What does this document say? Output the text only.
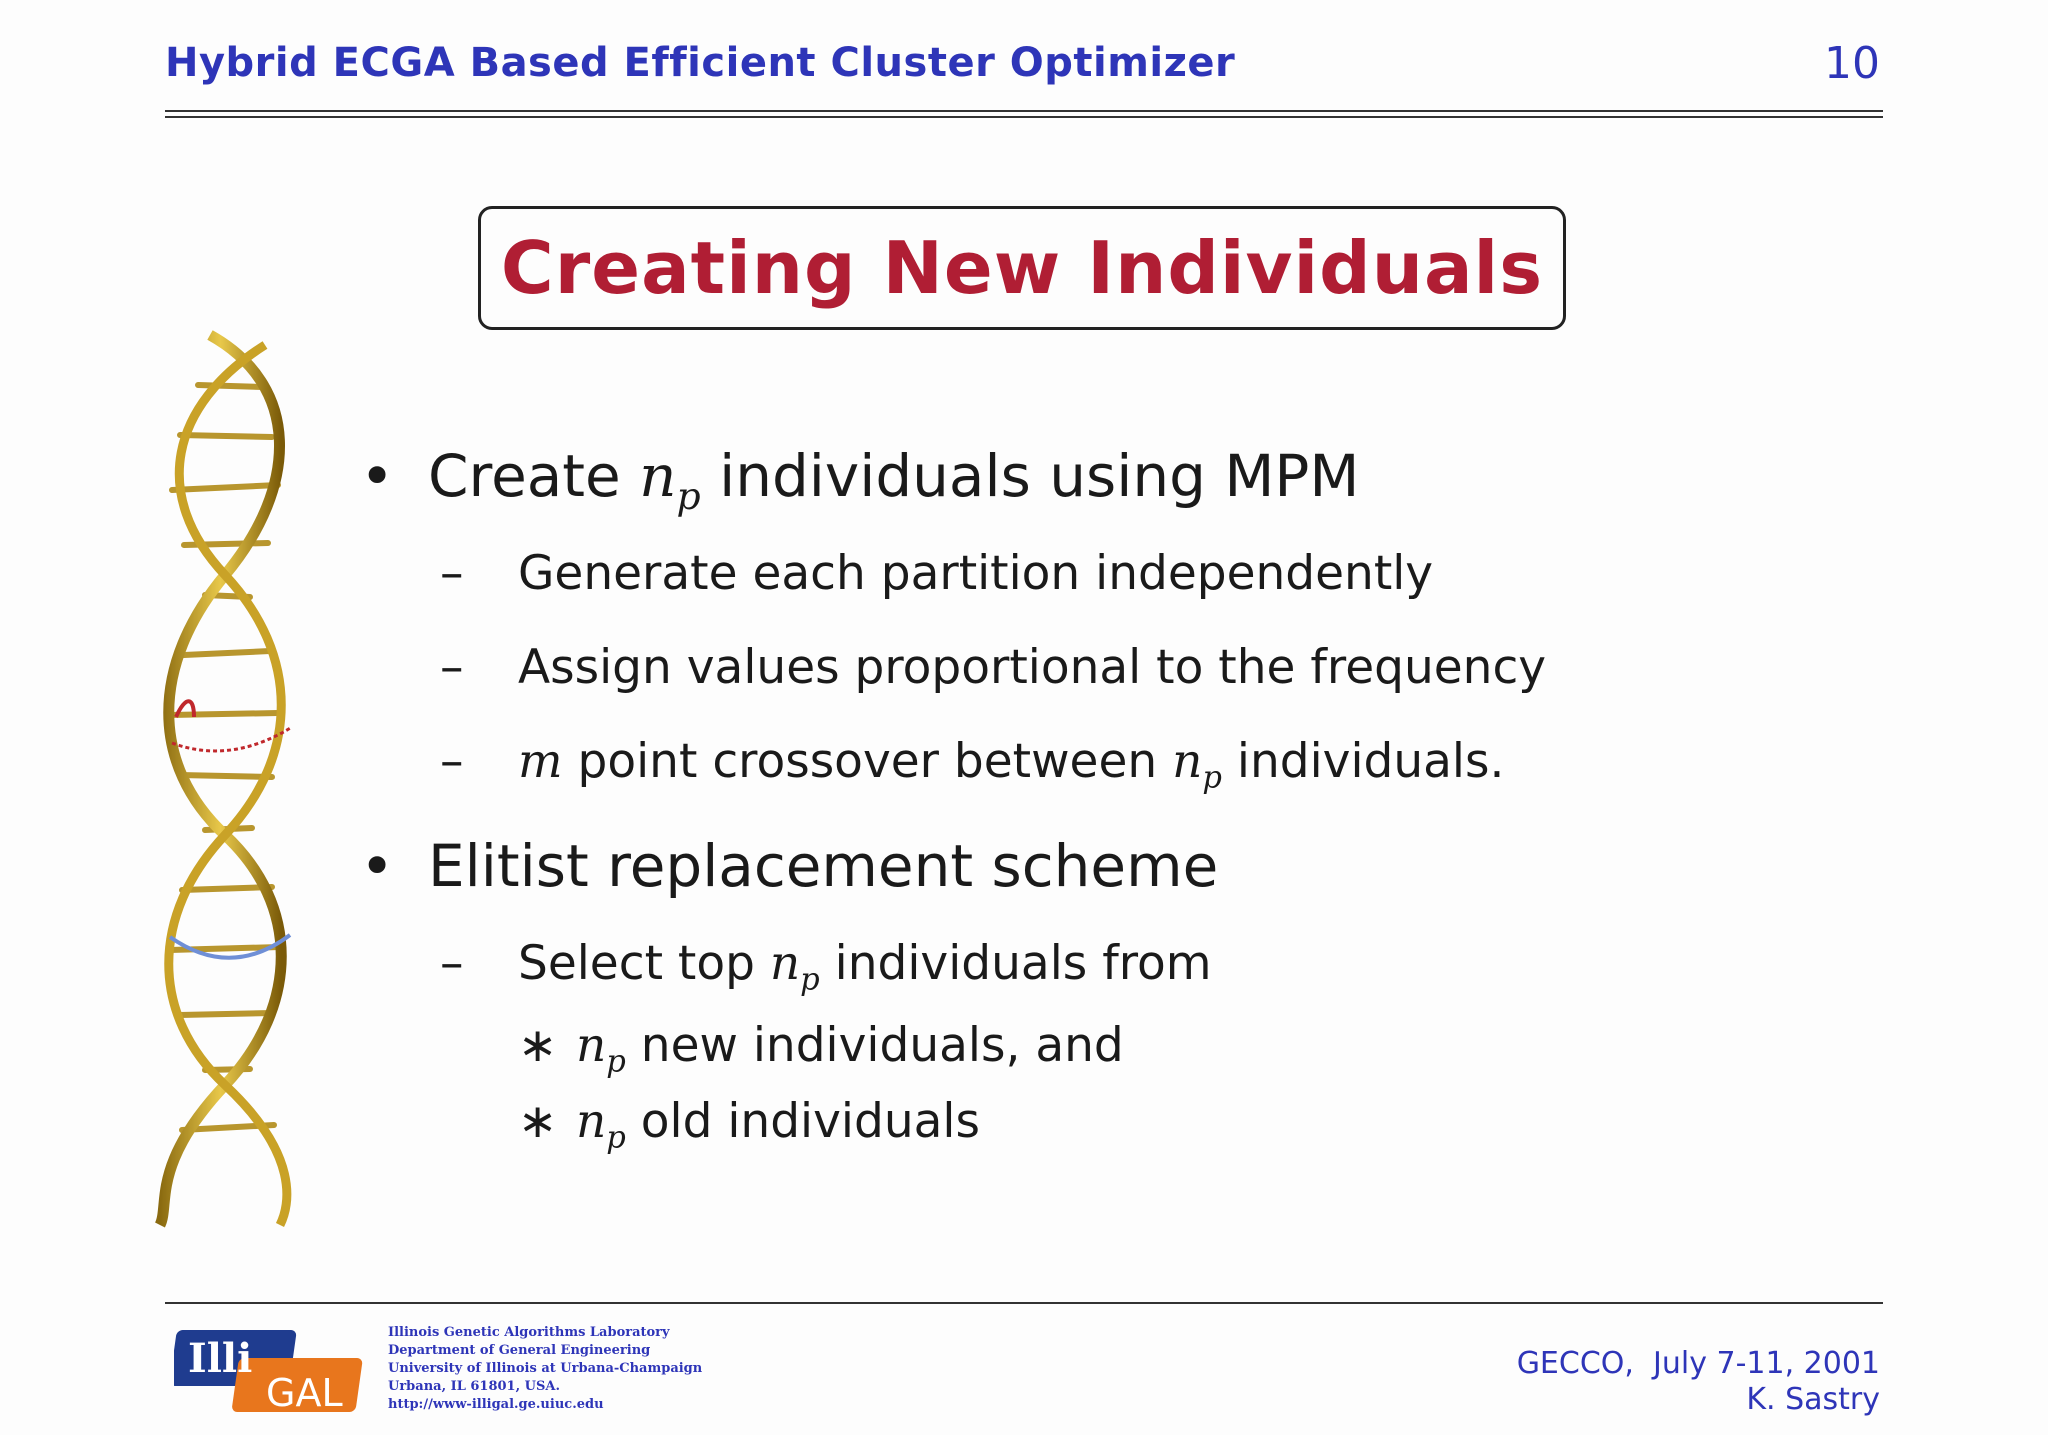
Hybrid ECGA Based Efficient Cluster Optimizer	10
Creating New Individuals
• Create $n_p$ individuals using MPM
– Generate each partition independently
– Assign values proportional to the frequency
– m point crossover between $n_p$ individuals.
• Elitist replacement scheme
– Select top $n_p$ individuals from
∗ $n_p$ new individuals, and
∗ $n_p$ old individuals
Illi
GAL
Illinois Genetic Algorithms Laboratory
Department of General Engineering
University of Illinois at Urbana-Champaign
Urbana, IL 61801, USA.
http://www-illigal.ge.uiuc.edu
GECCO,  July 7-11, 2001
K. Sastry
